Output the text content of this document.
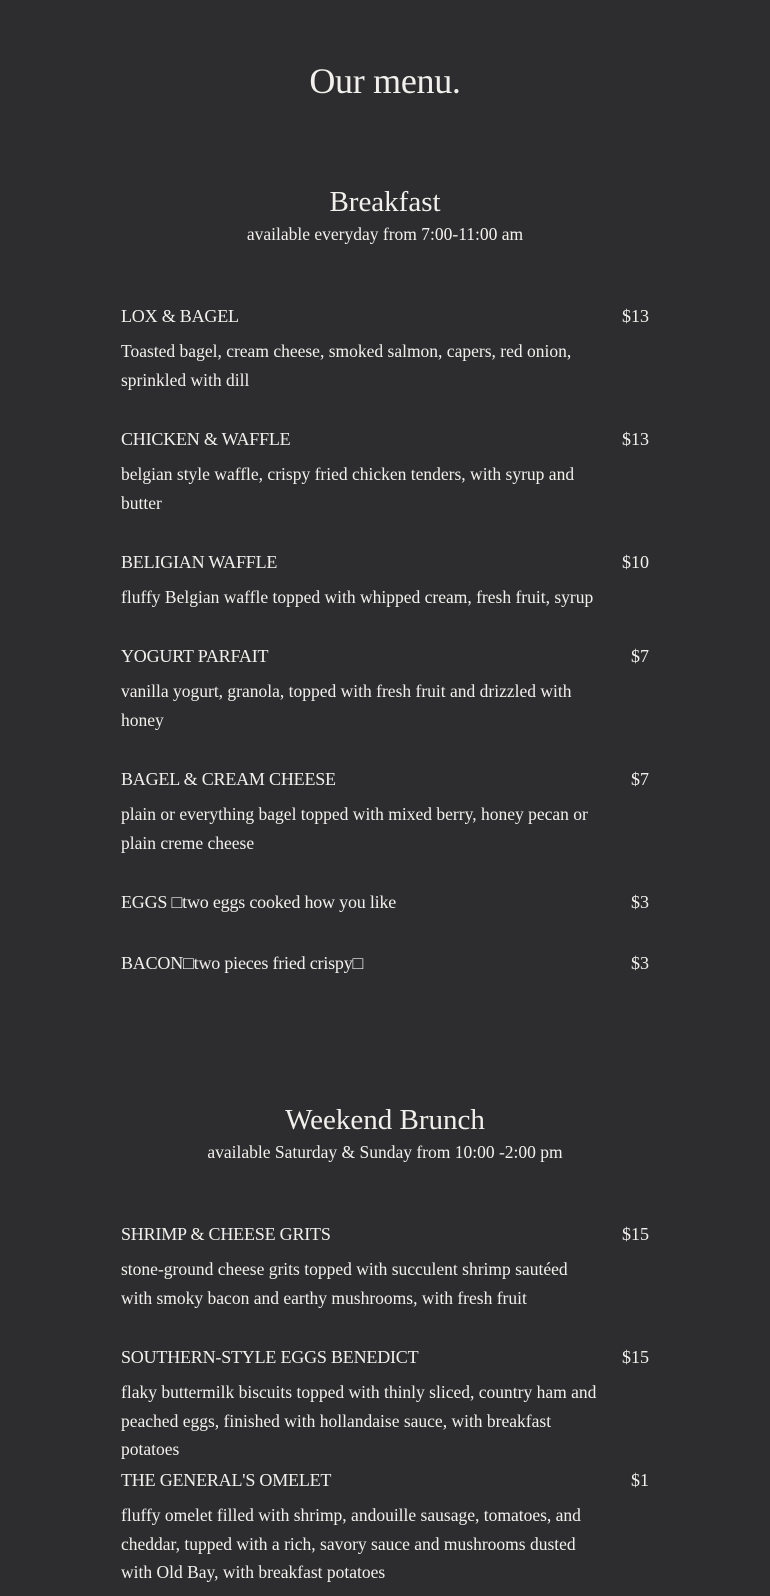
Our menu.
Breakfast

available everyday from 7:00-11:00 am

LOX & BAGEL	$13
Toasted bagel, cream cheese, smoked salmon, capers, red onion, sprinkled with dill
CHICKEN & WAFFLE	$13
belgian style waffle, crispy fried chicken tenders, with syrup and butter
BELIGIAN WAFFLE	$10
fluffy Belgian waffle topped with whipped cream, fresh fruit, syrup
YOGURT PARFAIT	$7
vanilla yogurt, granola, topped with fresh fruit and drizzled with honey
BAGEL & CREAM CHEESE	$7
plain or everything bagel topped with mixed berry, honey pecan or plain creme cheese
EGGS □two eggs cooked how you like	$3
BACON□two pieces fried crispy□	$3
Weekend Brunch

available Saturday & Sunday from 10:00 -2:00 pm

SHRIMP & CHEESE GRITS	$15
stone-ground cheese grits topped with succulent shrimp sautéed with smoky bacon and earthy mushrooms, with fresh fruit
SOUTHERN-STYLE EGGS BENEDICT	$15
flaky buttermilk biscuits topped with thinly sliced, country ham and peached eggs, finished with hollandaise sauce, with breakfast potatoes
THE GENERAL'S OMELET	$1
fluffy omelet filled with shrimp, andouille sausage, tomatoes, and cheddar, tupped with a rich, savory sauce and mushrooms dusted with Old Bay, with breakfast potatoes
